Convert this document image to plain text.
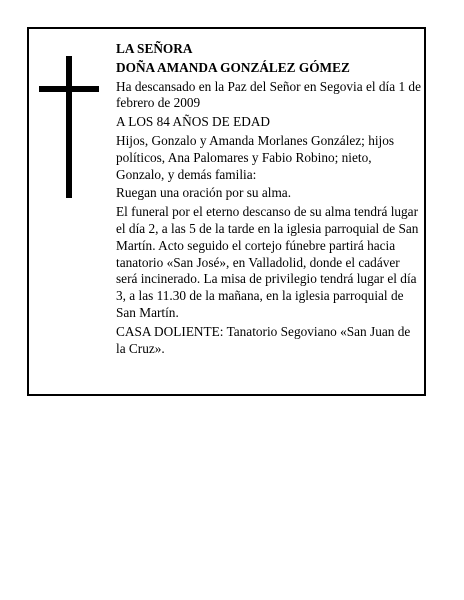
LA SEÑORA

DOÑA AMANDA GONZÁLEZ GÓMEZ

Ha descansado en la Paz del Señor en Segovia el día 1 de febrero de 2009

A LOS 84 AÑOS DE EDAD

Hijos, Gonzalo y Amanda Morlanes González; hijos políticos, Ana Palomares y Fabio Robino; nieto, Gonzalo, y demás familia:

Ruegan una oración por su alma.

El funeral por el eterno descanso de su alma tendrá lugar el día 2, a las 5 de la tarde en la iglesia parroquial de San Martín. Acto seguido el cortejo fúnebre partirá hacia tanatorio «San José», en Valladolid, donde el cadáver será incinerado. La misa de privilegio tendrá lugar el día 3, a las 11.30 de la mañana, en la iglesia parroquial de San Martín.

CASA DOLIENTE: Tanatorio Segoviano «San Juan de la Cruz».
